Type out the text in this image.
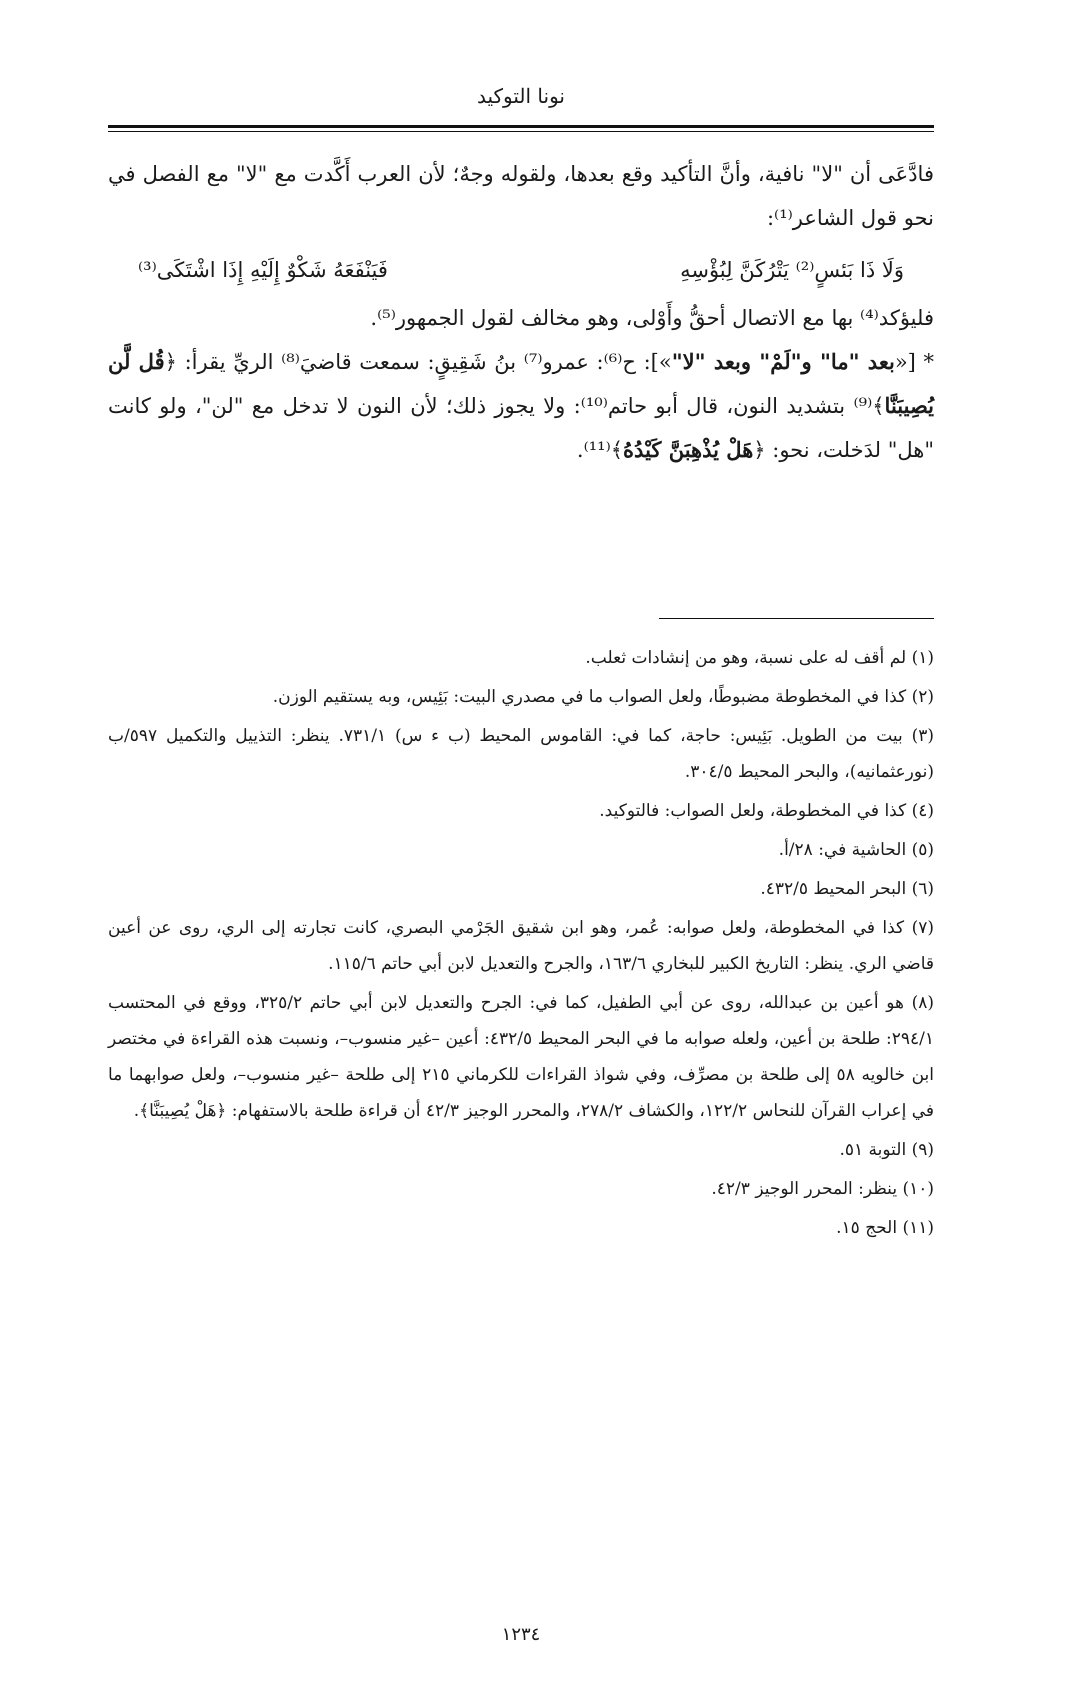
نونا التوكيد

فادَّعَى أن "لا" نافية، وأنَّ التأكيد وقع بعدها، ولقوله وجهٌ؛ لأن العرب أَكَّدت مع "لا" مع الفصل في نحو قول الشاعر⁽¹⁾:

وَلَا ذَا بَئسٍ⁽²⁾ يَتْرُكَنَّ لِبُؤْسِهِ
فَيَنْفَعَهُ شَكْوٌ إِلَيْهِ إِذَا اشْتَكَى⁽³⁾

فليؤكد⁽⁴⁾ بها مع الاتصال أحقُّ وأَوْلى، وهو مخالف لقول الجمهور⁽⁵⁾.

* [«بعد "ما" و"لَمْ" وبعد "لا"»]: ح⁽⁶⁾: عمرو⁽⁷⁾ بنُ شَقِيقٍ: سمعت قاضيَ⁽⁸⁾ الريِّ يقرأ: ﴿قُل لَّن يُصِيبَنَّا﴾⁽⁹⁾ بتشديد النون، قال أبو حاتم⁽¹⁰⁾: ولا يجوز ذلك؛ لأن النون لا تدخل مع "لن"، ولو كانت "هل" لدَخلت، نحو: ﴿هَلْ يُذْهِبَنَّ كَيْدُهُ﴾⁽¹¹⁾.

(١) لم أقف له على نسبة، وهو من إنشادات ثعلب.

(٢) كذا في المخطوطة مضبوطًا، ولعل الصواب ما في مصدري البيت: بَئِيس، وبه يستقيم الوزن.

(٣) بيت من الطويل. بَئِيس: حاجة، كما في: القاموس المحيط (ب ء س) ٧٣١/١. ينظر: التذييل والتكميل ٥٩٧/ب (نورعثمانيه)، والبحر المحيط ٣٠٤/٥.

(٤) كذا في المخطوطة، ولعل الصواب: فالتوكيد.

(٥) الحاشية في: ٢٨/أ.

(٦) البحر المحيط ٤٣٢/٥.

(٧) كذا في المخطوطة، ولعل صوابه: عُمر، وهو ابن شقيق الجَرْمي البصري، كانت تجارته إلى الري، روى عن أعين قاضي الري. ينظر: التاريخ الكبير للبخاري ١٦٣/٦، والجرح والتعديل لابن أبي حاتم ١١٥/٦.

(٨) هو أعين بن عبدالله، روى عن أبي الطفيل، كما في: الجرح والتعديل لابن أبي حاتم ٣٢٥/٢، ووقع في المحتسب ٢٩٤/١: طلحة بن أعين، ولعله صوابه ما في البحر المحيط ٤٣٢/٥: أعين –غير منسوب–، ونسبت هذه القراءة في مختصر ابن خالويه ٥٨ إلى طلحة بن مصرِّف، وفي شواذ القراءات للكرماني ٢١٥ إلى طلحة –غير منسوب–، ولعل صوابهما ما في إعراب القرآن للنحاس ١٢٢/٢، والكشاف ٢٧٨/٢، والمحرر الوجيز ٤٢/٣ أن قراءة طلحة بالاستفهام: ﴿هَلْ يُصِيبَنَّا﴾.

(٩) التوبة ٥١.

(١٠) ينظر: المحرر الوجيز ٤٢/٣.

(١١) الحج ١٥.

١٢٣٤
